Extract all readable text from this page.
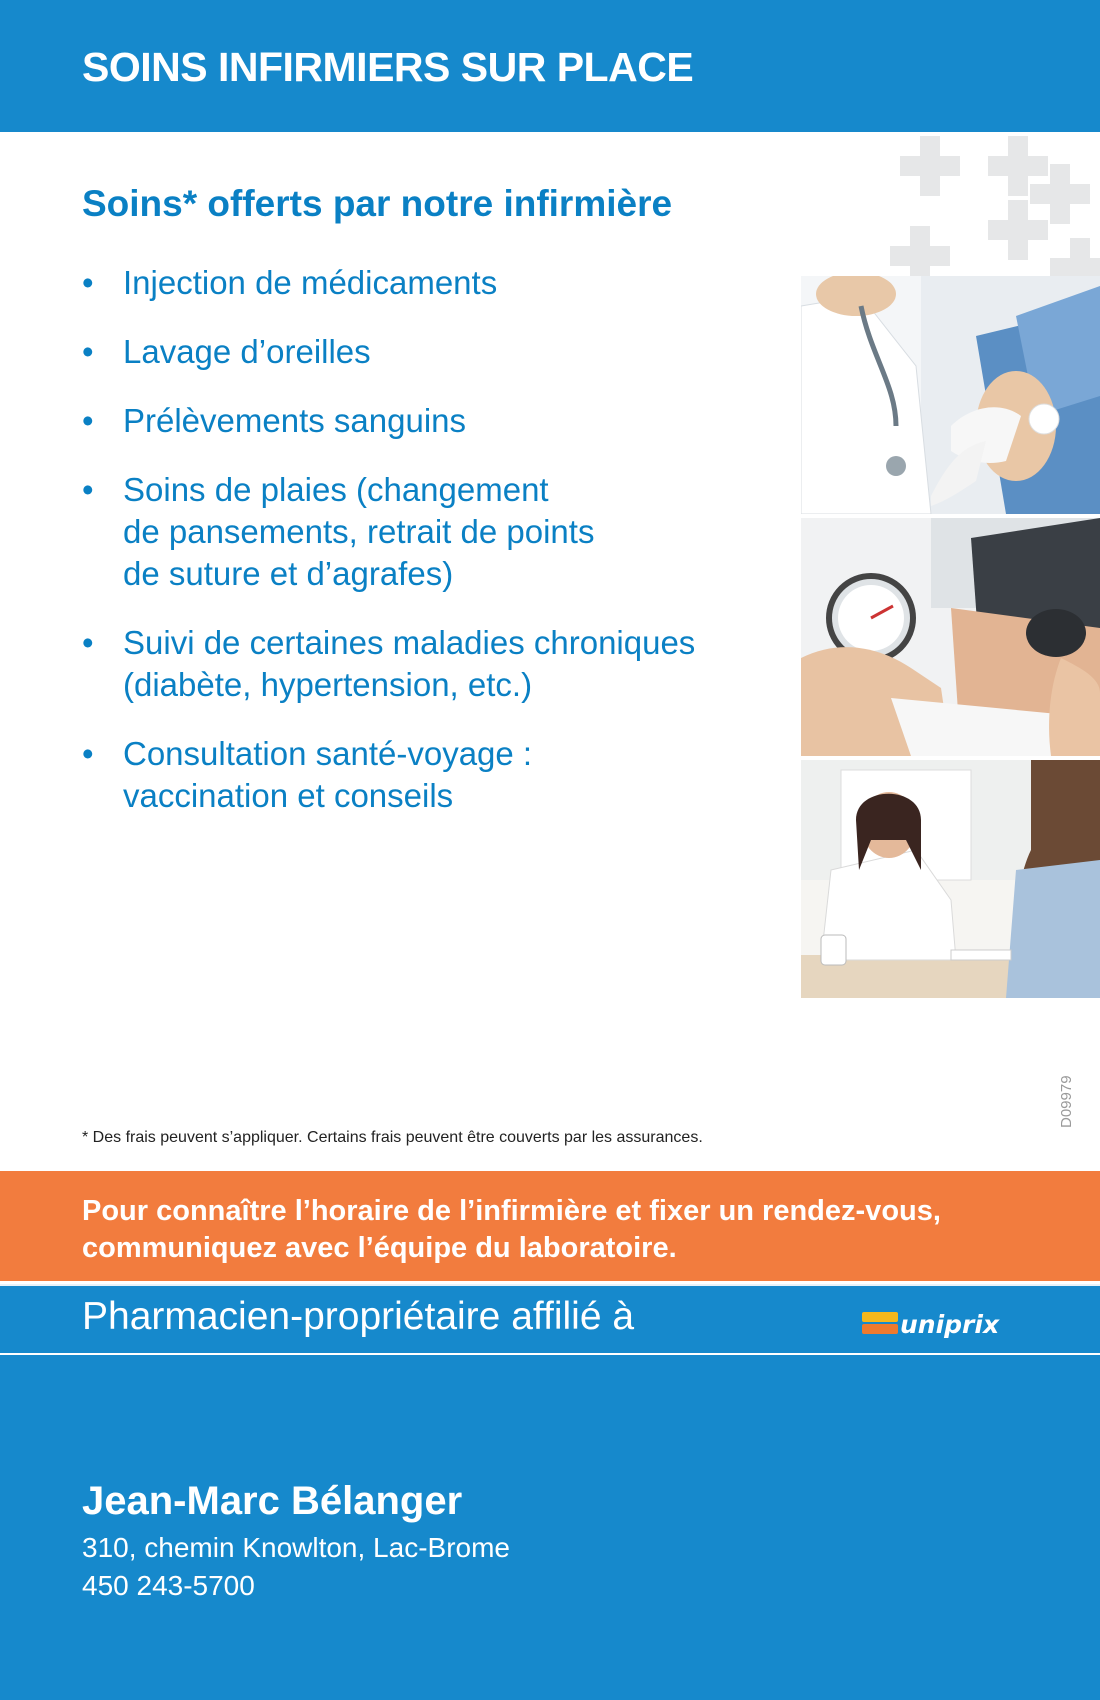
SOINS INFIRMIERS SUR PLACE
Soins* offerts par notre infirmière
• Injection de médicaments
• Lavage d’oreilles
• Prélèvements sanguins
• Soins de plaies (changement
de pansements, retrait de points
de suture et d’agrafes)
• Suivi de certaines maladies chroniques
(diabète, hypertension, etc.)
• Consultation santé-voyage :
vaccination et conseils
D09979
* Des frais peuvent s’appliquer. Certains frais peuvent être couverts par les assurances.
Pour connaître l’horaire de l’infirmière et fixer un rendez-vous,
communiquez avec l’équipe du laboratoire.
Pharmacien-propriétaire affilié à	uniprix
Jean-Marc Bélanger
310, chemin Knowlton, Lac-Brome
450 243-5700
